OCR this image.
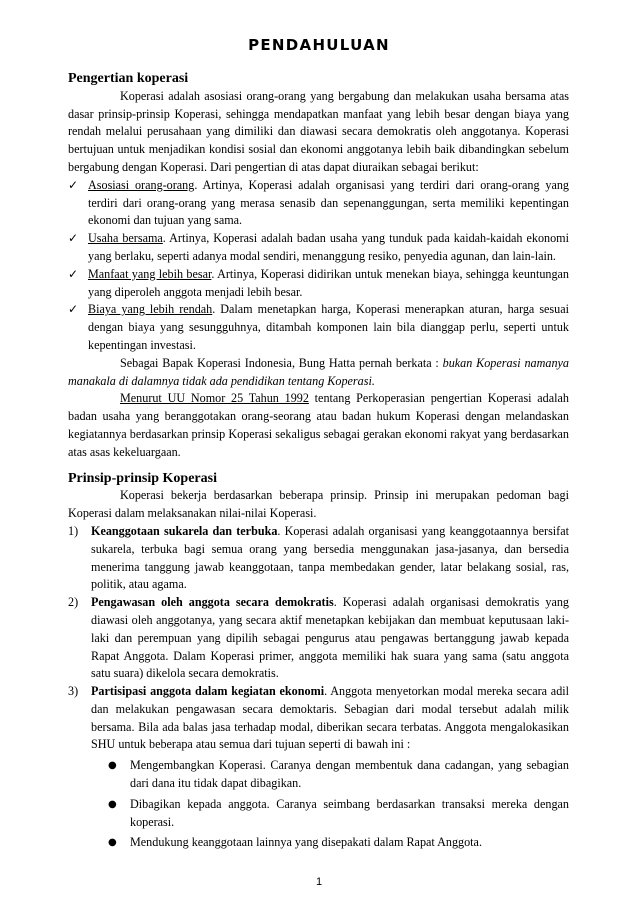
PENDAHULUAN

Pengertian koperasi

Koperasi adalah asosiasi orang-orang yang bergabung dan melakukan usaha bersama atas dasar prinsip-prinsip Koperasi, sehingga mendapatkan manfaat yang lebih besar dengan biaya yang rendah melalui perusahaan yang dimiliki dan diawasi secara demokratis oleh anggotanya. Koperasi bertujuan untuk menjadikan kondisi sosial dan ekonomi anggotanya lebih baik dibandingkan sebelum bergabung dengan Koperasi. Dari pengertian di atas dapat diuraikan sebagai berikut:

✓ Asosiasi orang-orang. Artinya, Koperasi adalah organisasi yang terdiri dari orang-orang yang terdiri dari orang-orang yang merasa senasib dan sepenanggungan, serta memiliki kepentingan ekonomi dan tujuan yang sama.

✓ Usaha bersama. Artinya, Koperasi adalah badan usaha yang tunduk pada kaidah-kaidah ekonomi yang berlaku, seperti adanya modal sendiri, menanggung resiko, penyedia agunan, dan lain-lain.

✓ Manfaat yang lebih besar. Artinya, Koperasi didirikan untuk menekan biaya, sehingga keuntungan yang diperoleh anggota menjadi lebih besar.

✓ Biaya yang lebih rendah. Dalam menetapkan harga, Koperasi menerapkan aturan, harga sesuai dengan biaya yang sesungguhnya, ditambah komponen lain bila dianggap perlu, seperti untuk kepentingan investasi.

Sebagai Bapak Koperasi Indonesia, Bung Hatta pernah berkata : bukan Koperasi namanya manakala di dalamnya tidak ada pendidikan tentang Koperasi.

Menurut UU Nomor 25 Tahun 1992 tentang Perkoperasian pengertian Koperasi adalah badan usaha yang beranggotakan orang-seorang atau badan hukum Koperasi dengan melandaskan kegiatannya berdasarkan prinsip Koperasi sekaligus sebagai gerakan ekonomi rakyat yang berdasarkan atas asas kekeluargaan.

Prinsip-prinsip Koperasi

Koperasi bekerja berdasarkan beberapa prinsip. Prinsip ini merupakan pedoman bagi Koperasi dalam melaksanakan nilai-nilai Koperasi.

1) Keanggotaan sukarela dan terbuka. Koperasi adalah organisasi yang keanggotaannya bersifat sukarela, terbuka bagi semua orang yang bersedia menggunakan jasa-jasanya, dan bersedia menerima tanggung jawab keanggotaan, tanpa membedakan gender, latar belakang sosial, ras, politik, atau agama.

2) Pengawasan oleh anggota secara demokratis. Koperasi adalah organisasi demokratis yang diawasi oleh anggotanya, yang secara aktif menetapkan kebijakan dan membuat keputusaan laki-laki dan perempuan yang dipilih sebagai pengurus atau pengawas bertanggung jawab kepada Rapat Anggota. Dalam Koperasi primer, anggota memiliki hak suara yang sama (satu anggota satu suara) dikelola secara demokratis.

3) Partisipasi anggota dalam kegiatan ekonomi. Anggota menyetorkan modal mereka secara adil dan melakukan pengawasan secara demoktaris. Sebagian dari modal tersebut adalah milik bersama. Bila ada balas jasa terhadap modal, diberikan secara terbatas. Anggota mengalokasikan SHU untuk beberapa atau semua dari tujuan seperti di bawah ini :

● Mengembangkan Koperasi. Caranya dengan membentuk dana cadangan, yang sebagian dari dana itu tidak dapat dibagikan.

● Dibagikan kepada anggota. Caranya seimbang berdasarkan transaksi mereka dengan koperasi.

● Mendukung keanggotaan lainnya yang disepakati dalam Rapat Anggota.

1
